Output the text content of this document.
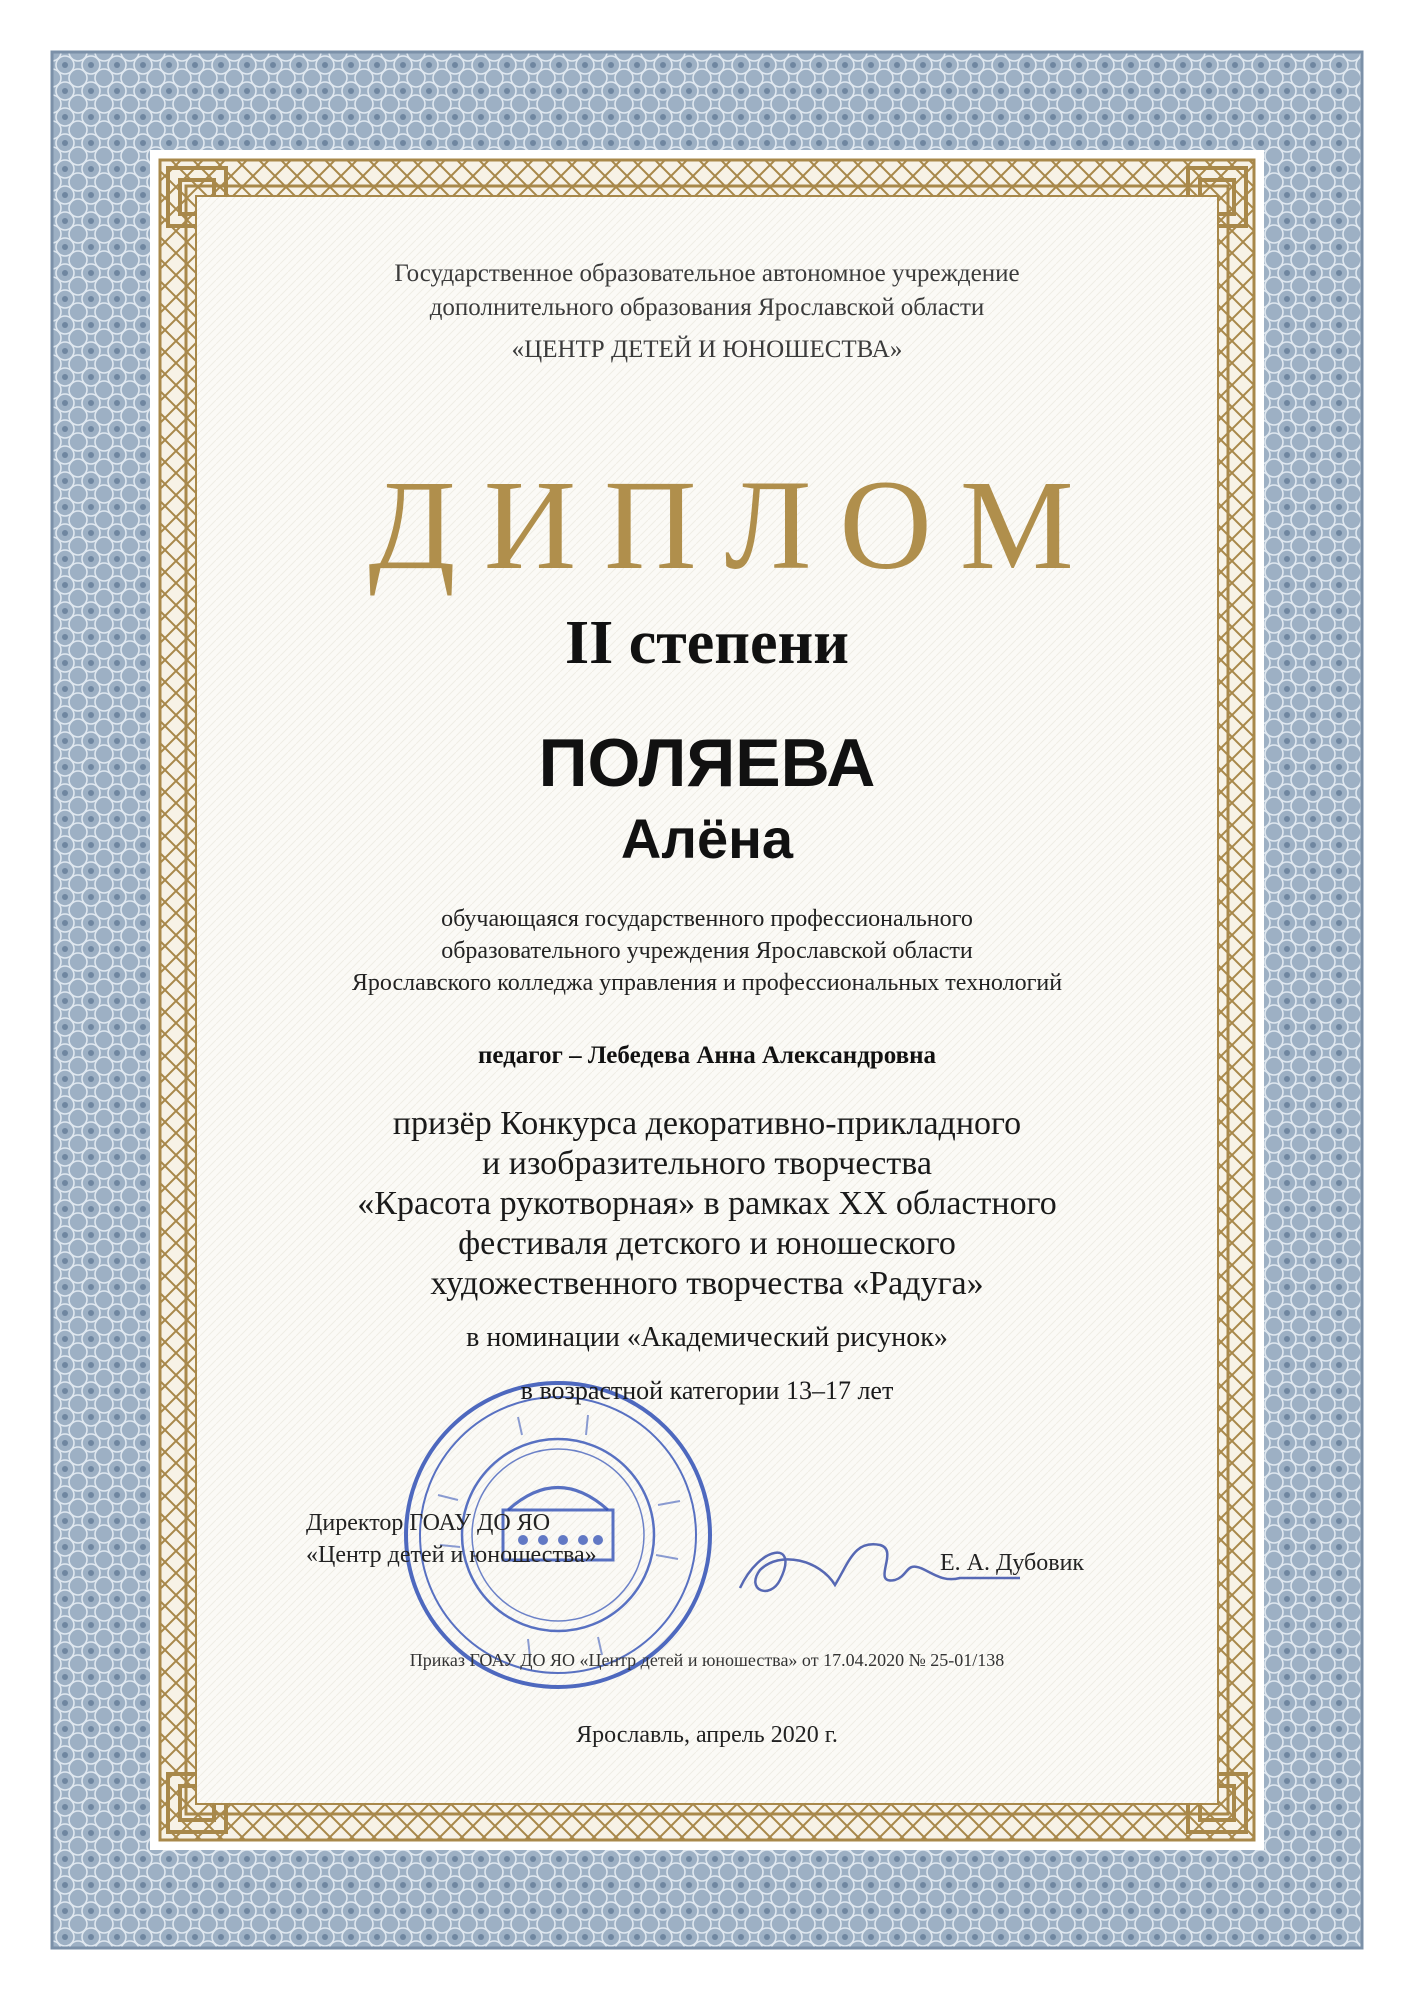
Государственное образовательное автономное учреждение
дополнительного образования Ярославской области
«ЦЕНТР ДЕТЕЙ И ЮНОШЕСТВА»
ДИПЛОМ
II степени
ПОЛЯЕВА
Алёна
обучающаяся государственного профессионального
образовательного учреждения Ярославской области
Ярославского колледжа управления и профессиональных технологий
педагог – Лебедева Анна Александровна
призёр Конкурса декоративно-прикладного
и изобразительного творчества
«Красота рукотворная» в рамках XX областного
фестиваля детского и юношеского
художественного творчества «Радуга»
в номинации «Академический рисунок»
в возрастной категории 13–17 лет
Директор ГОАУ ДО ЯО
«Центр детей и юношества»	Е. А. Дубовик
Приказ ГОАУ ДО ЯО «Центр детей и юношества» от 17.04.2020 № 25-01/138
Ярославль, апрель 2020 г.
